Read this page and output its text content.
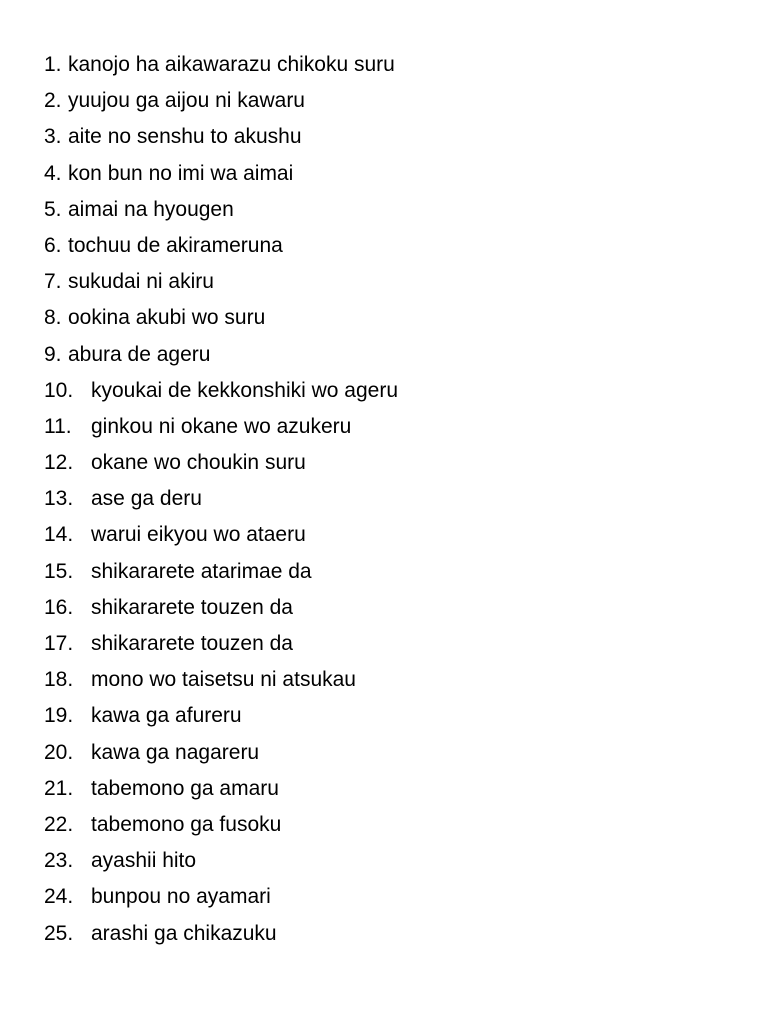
1. kanojo ha aikawarazu chikoku suru
2. yuujou ga aijou ni kawaru
3. aite no senshu to akushu
4. kon bun no imi wa aimai
5. aimai na hyougen
6. tochuu de akirameruna
7. sukudai ni akiru
8. ookina akubi wo suru
9. abura de ageru
10. kyoukai de kekkonshiki wo ageru
11. ginkou ni okane wo azukeru
12. okane wo choukin suru
13. ase ga deru
14. warui eikyou wo ataeru
15. shikararete atarimae da
16. shikararete touzen da
17. shikararete touzen da
18. mono wo taisetsu ni atsukau
19. kawa ga afureru
20. kawa ga nagareru
21. tabemono ga amaru
22. tabemono ga fusoku
23. ayashii hito
24. bunpou no ayamari
25. arashi ga chikazuku
